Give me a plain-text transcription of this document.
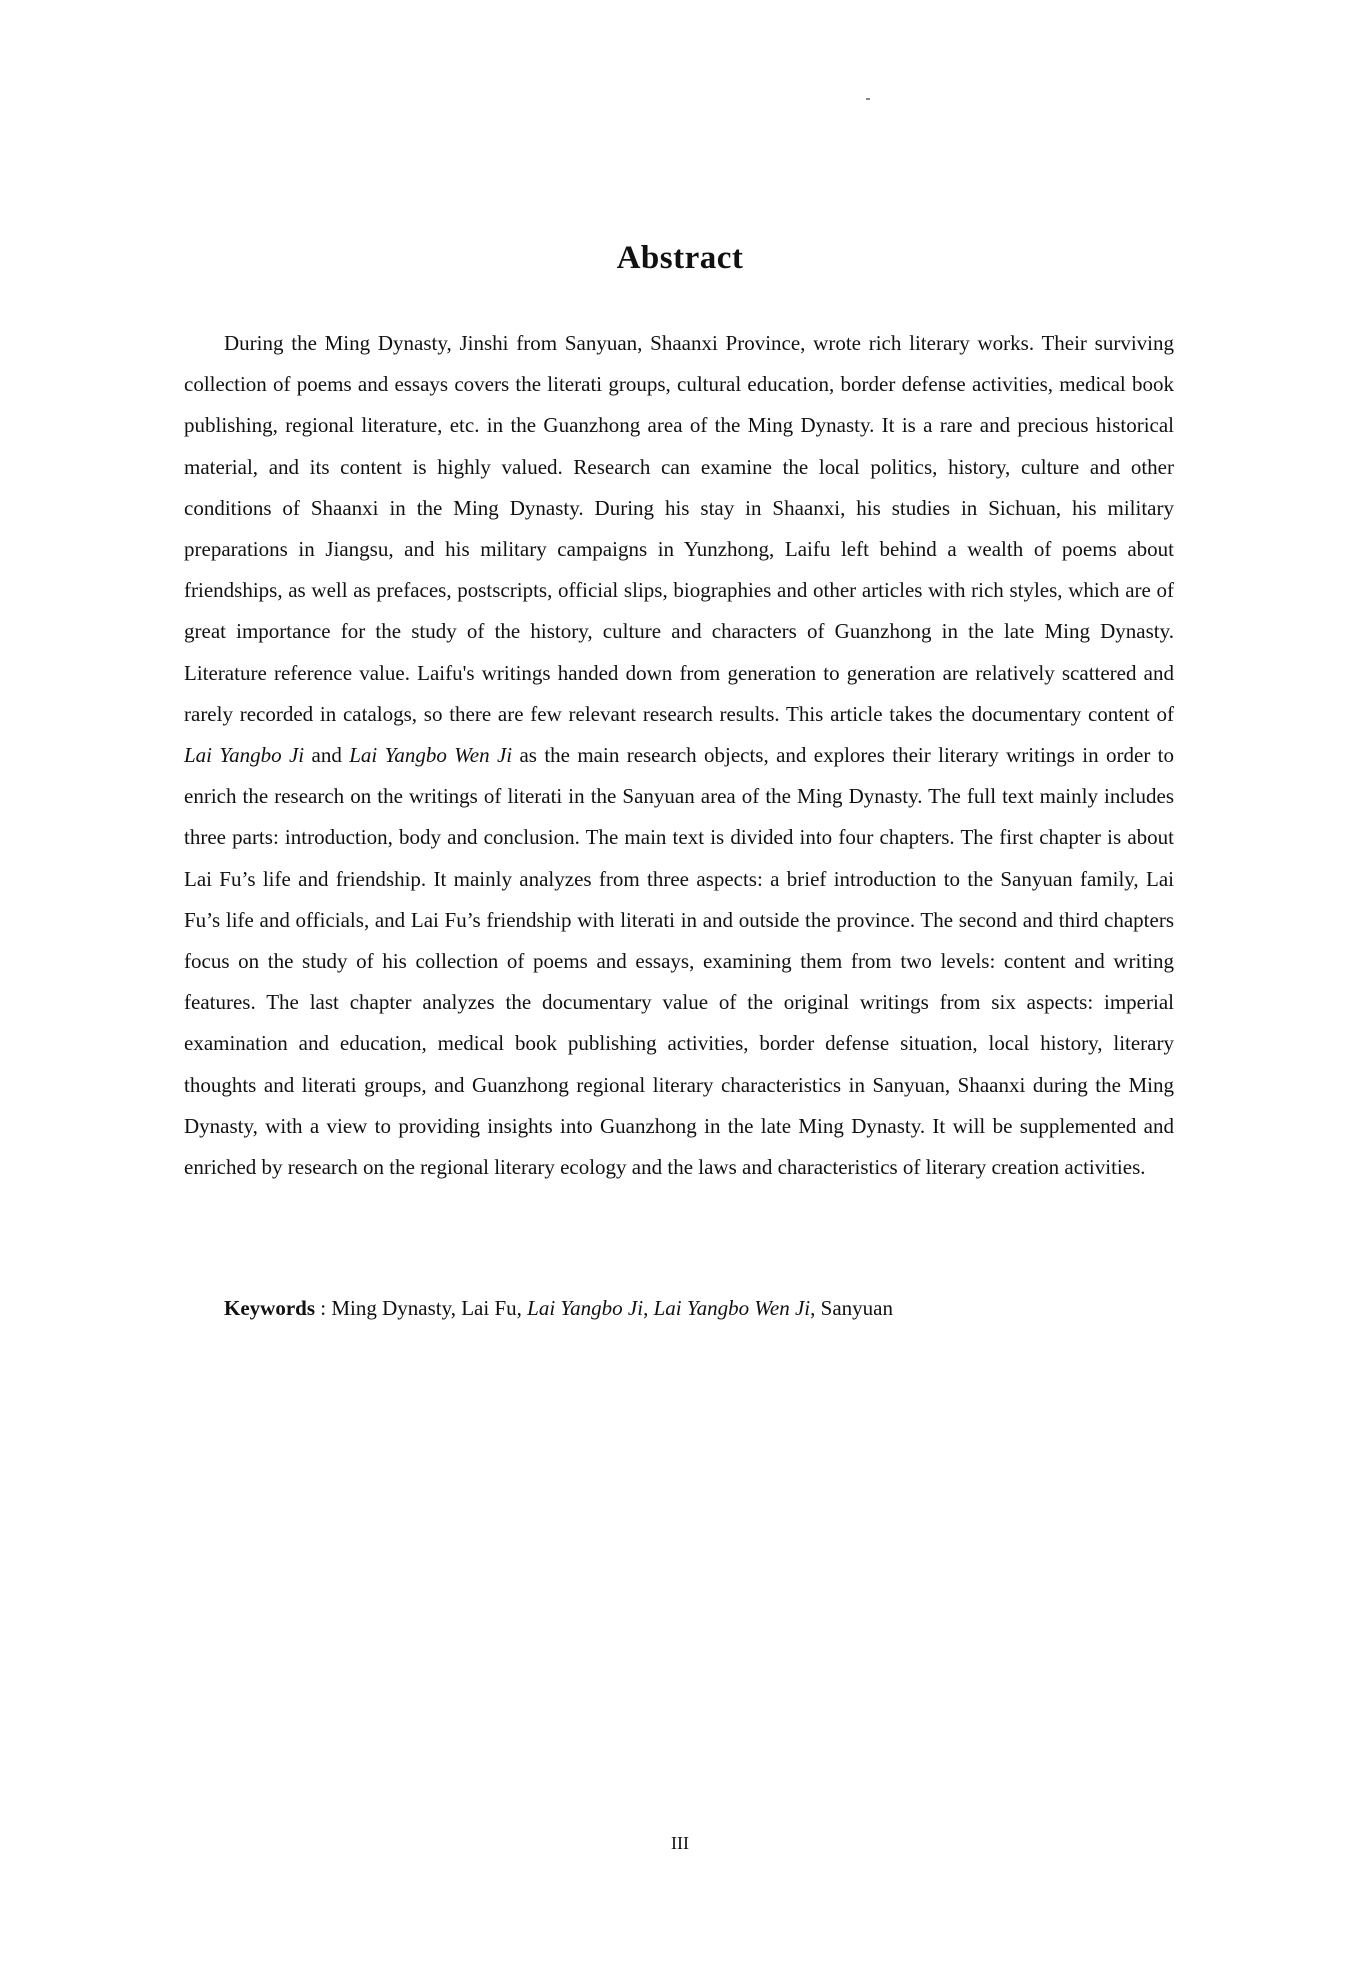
Abstract

During the Ming Dynasty, Jinshi from Sanyuan, Shaanxi Province, wrote rich literary works. Their surviving collection of poems and essays covers the literati groups, cultural education, border defense activities, medical book publishing, regional literature, etc. in the Guanzhong area of the Ming Dynasty. It is a rare and precious historical material, and its content is highly valued. Research can examine the local politics, history, culture and other conditions of Shaanxi in the Ming Dynasty. During his stay in Shaanxi, his studies in Sichuan, his military preparations in Jiangsu, and his military campaigns in Yunzhong, Laifu left behind a wealth of poems about friendships, as well as prefaces, postscripts, official slips, biographies and other articles with rich styles, which are of great importance for the study of the history, culture and characters of Guanzhong in the late Ming Dynasty. Literature reference value. Laifu's writings handed down from generation to generation are relatively scattered and rarely recorded in catalogs, so there are few relevant research results. This article takes the documentary content of Lai Yangbo Ji and Lai Yangbo Wen Ji as the main research objects, and explores their literary writings in order to enrich the research on the writings of literati in the Sanyuan area of the Ming Dynasty. The full text mainly includes three parts: introduction, body and conclusion. The main text is divided into four chapters. The first chapter is about Lai Fu’s life and friendship. It mainly analyzes from three aspects: a brief introduction to the Sanyuan family, Lai Fu’s life and officials, and Lai Fu’s friendship with literati in and outside the province. The second and third chapters focus on the study of his collection of poems and essays, examining them from two levels: content and writing features. The last chapter analyzes the documentary value of the original writings from six aspects: imperial examination and education, medical book publishing activities, border defense situation, local history, literary thoughts and literati groups, and Guanzhong regional literary characteristics in Sanyuan, Shaanxi during the Ming Dynasty, with a view to providing insights into Guanzhong in the late Ming Dynasty. It will be supplemented and enriched by research on the regional literary ecology and the laws and characteristics of literary creation activities.

Keywords : Ming Dynasty, Lai Fu, Lai Yangbo Ji, Lai Yangbo Wen Ji, Sanyuan
III
